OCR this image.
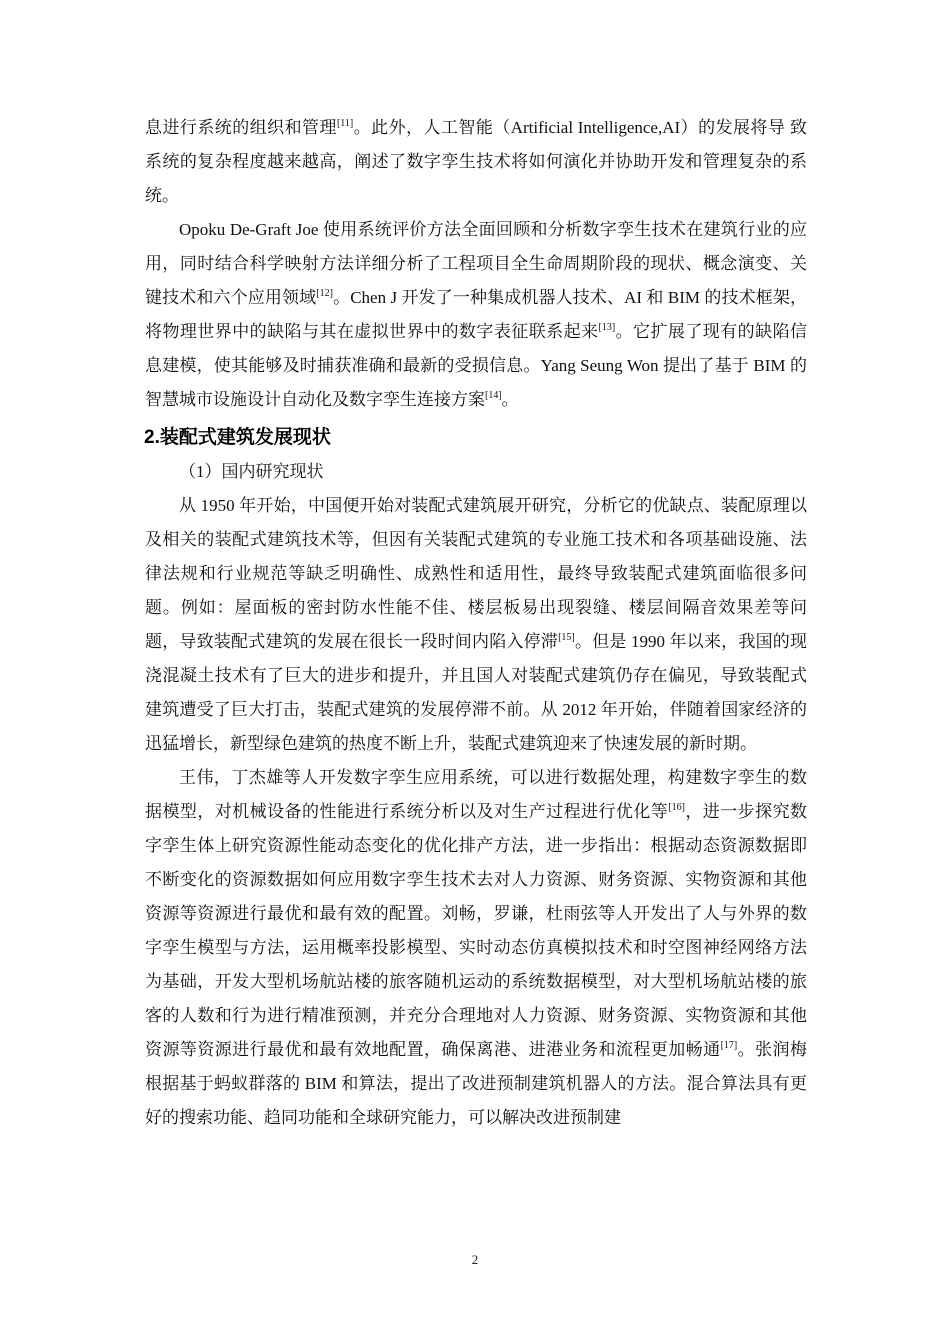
息进行系统的组织和管理[11]。此外，人工智能（Artificial Intelligence,AI）的发展将导 致系统的复杂程度越来越高，阐述了数字孪生技术将如何演化并协助开发和管理复杂的系统。

Opoku De-Graft Joe 使用系统评价方法全面回顾和分析数字孪生技术在建筑行业的应用，同时结合科学映射方法详细分析了工程项目全生命周期阶段的现状、概念演变、关键技术和六个应用领域[12]。Chen J 开发了一种集成机器人技术、AI 和 BIM 的技术框架，将物理世界中的缺陷与其在虚拟世界中的数字表征联系起来[13]。它扩展了现有的缺陷信息建模，使其能够及时捕获准确和最新的受损信息。Yang Seung Won 提出了基于 BIM 的智慧城市设施设计自动化及数字孪生连接方案[14]。

2.装配式建筑发展现状
（1）国内研究现状

从 1950 年开始，中国便开始对装配式建筑展开研究，分析它的优缺点、装配原理以及相关的装配式建筑技术等，但因有关装配式建筑的专业施工技术和各项基础设施、法律法规和行业规范等缺乏明确性、成熟性和适用性，最终导致装配式建筑面临很多问题。例如：屋面板的密封防水性能不佳、楼层板易出现裂缝、楼层间隔音效果差等问题，导致装配式建筑的发展在很长一段时间内陷入停滞[15]。但是 1990 年以来，我国的现浇混凝土技术有了巨大的进步和提升，并且国人对装配式建筑仍存在偏见，导致装配式建筑遭受了巨大打击，装配式建筑的发展停滞不前。从 2012 年开始，伴随着国家经济的迅猛增长，新型绿色建筑的热度不断上升，装配式建筑迎来了快速发展的新时期。

王伟，丁杰雄等人开发数字孪生应用系统，可以进行数据处理，构建数字孪生的数据模型，对机械设备的性能进行系统分析以及对生产过程进行优化等[16]，进一步探究数字孪生体上研究资源性能动态变化的优化排产方法，进一步指出：根据动态资源数据即不断变化的资源数据如何应用数字孪生技术去对人力资源、财务资源、实物资源和其他资源等资源进行最优和最有效的配置。刘畅，罗谦，杜雨弦等人开发出了人与外界的数字孪生模型与方法，运用概率投影模型、实时动态仿真模拟技术和时空图神经网络方法为基础，开发大型机场航站楼的旅客随机运动的系统数据模型，对大型机场航站楼的旅客的人数和行为进行精准预测，并充分合理地对人力资源、财务资源、实物资源和其他资源等资源进行最优和最有效地配置，确保离港、进港业务和流程更加畅通[17]。张润梅根据基于蚂蚁群落的 BIM 和算法，提出了改进预制建筑机器人的方法。混合算法具有更好的搜索功能、趋同功能和全球研究能力，可以解决改进预制建

2
